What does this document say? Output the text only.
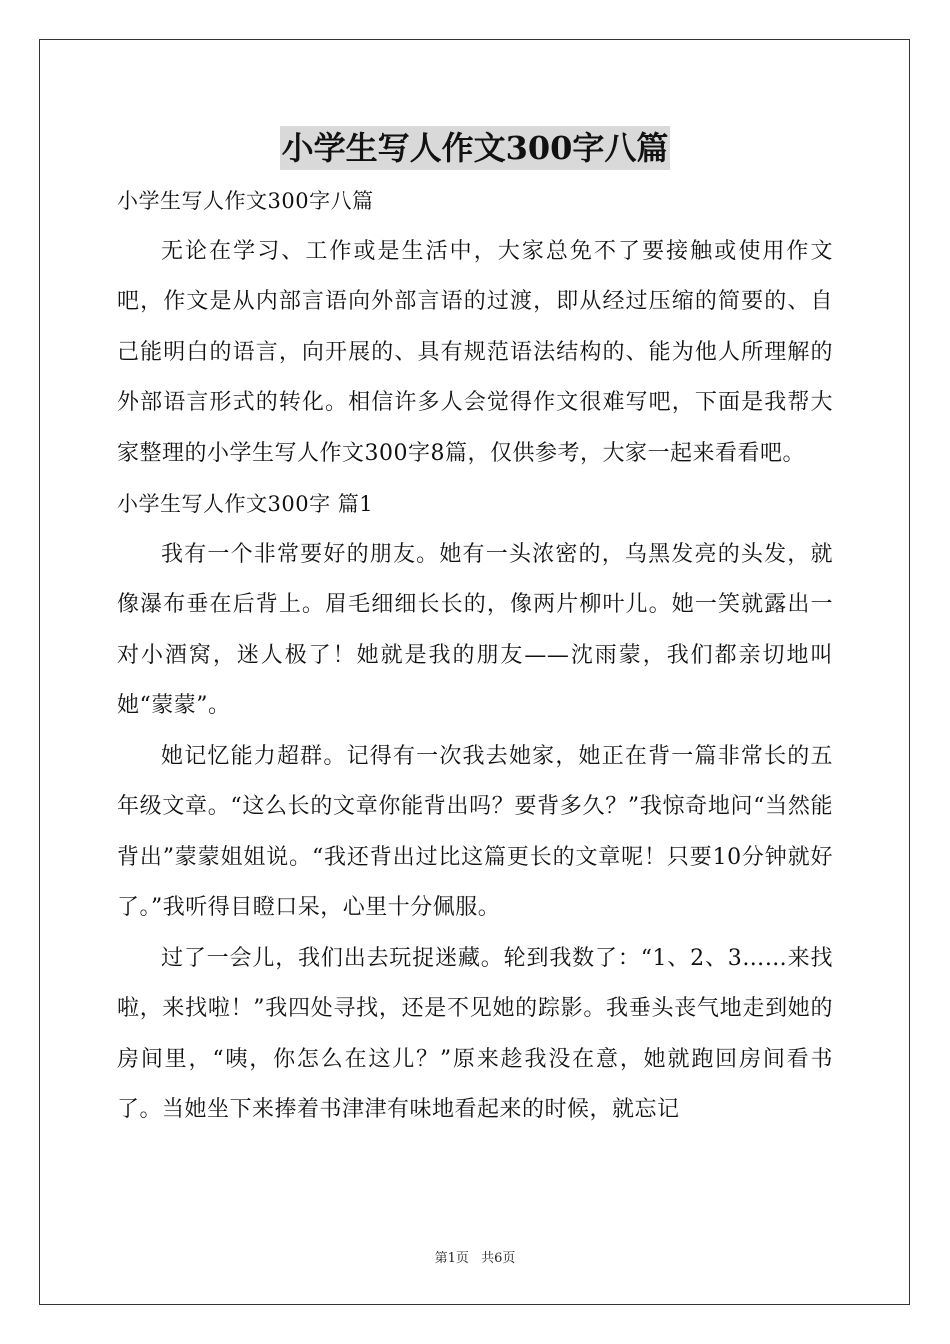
小学生写人作文300字八篇

小学生写人作文300字八篇

无论在学习、工作或是生活中，大家总免不了要接触或使用作文吧，作文是从内部言语向外部言语的过渡，即从经过压缩的简要的、自己能明白的语言，向开展的、具有规范语法结构的、能为他人所理解的外部语言形式的转化。相信许多人会觉得作文很难写吧，下面是我帮大家整理的小学生写人作文300字8篇，仅供参考，大家一起来看看吧。

小学生写人作文300字 篇1

我有一个非常要好的朋友。她有一头浓密的，乌黑发亮的头发，就像瀑布垂在后背上。眉毛细细长长的，像两片柳叶儿。她一笑就露出一对小酒窝，迷人极了！她就是我的朋友——沈雨蒙，我们都亲切地叫她“蒙蒙”。

她记忆能力超群。记得有一次我去她家，她正在背一篇非常长的五年级文章。“这么长的文章你能背出吗？要背多久？”我惊奇地问“当然能背出”蒙蒙姐姐说。“我还背出过比这篇更长的文章呢！只要10分钟就好了。”我听得目瞪口呆，心里十分佩服。

过了一会儿，我们出去玩捉迷藏。轮到我数了：“1、2、3……来找啦，来找啦！”我四处寻找，还是不见她的踪影。我垂头丧气地走到她的房间里，“咦，你怎么在这儿？”原来趁我没在意，她就跑回房间看书了。当她坐下来捧着书津津有味地看起来的时候，就忘记

第1页 共6页
